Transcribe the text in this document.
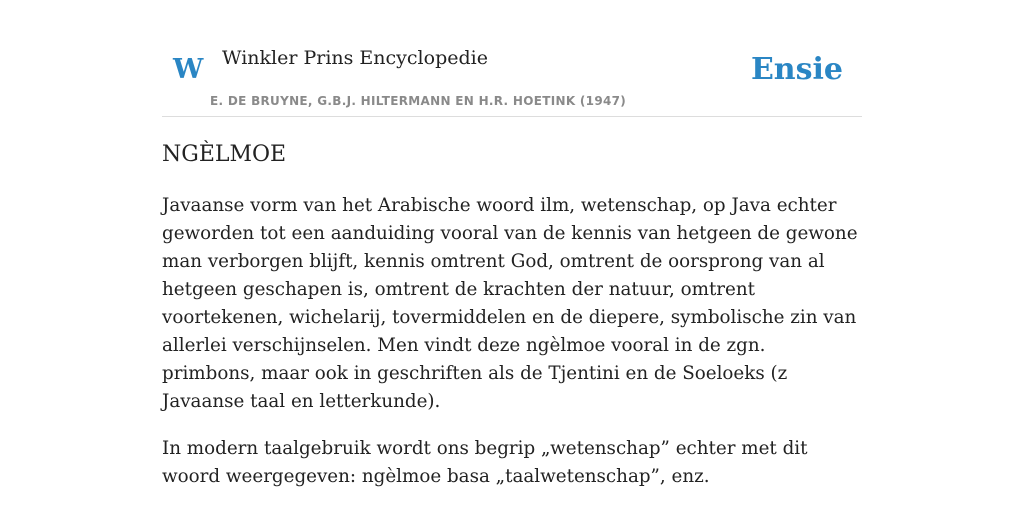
W Winkler Prins Encyclopedie
E. DE BRUYNE, G.B.J. HILTERMANN EN H.R. HOETINK (1947)
Ensie
NGÈLMOE

Javaanse vorm van het Arabische woord ilm, wetenschap, op Java echter geworden tot een aanduiding vooral van de kennis van hetgeen de gewone man verborgen blijft, kennis omtrent God, omtrent de oorsprong van al hetgeen geschapen is, omtrent de krachten der natuur, omtrent voortekenen, wichelarij, tovermiddelen en de diepere, symbolische zin van allerlei verschijnselen. Men vindt deze ngèlmoe vooral in de zgn. primbons, maar ook in geschriften als de Tjentini en de Soeloeks (z Javaanse taal en letterkunde).

In modern taalgebruik wordt ons begrip „wetenschap” echter met dit woord weergegeven: ngèlmoe basa „taalwetenschap”, enz.
